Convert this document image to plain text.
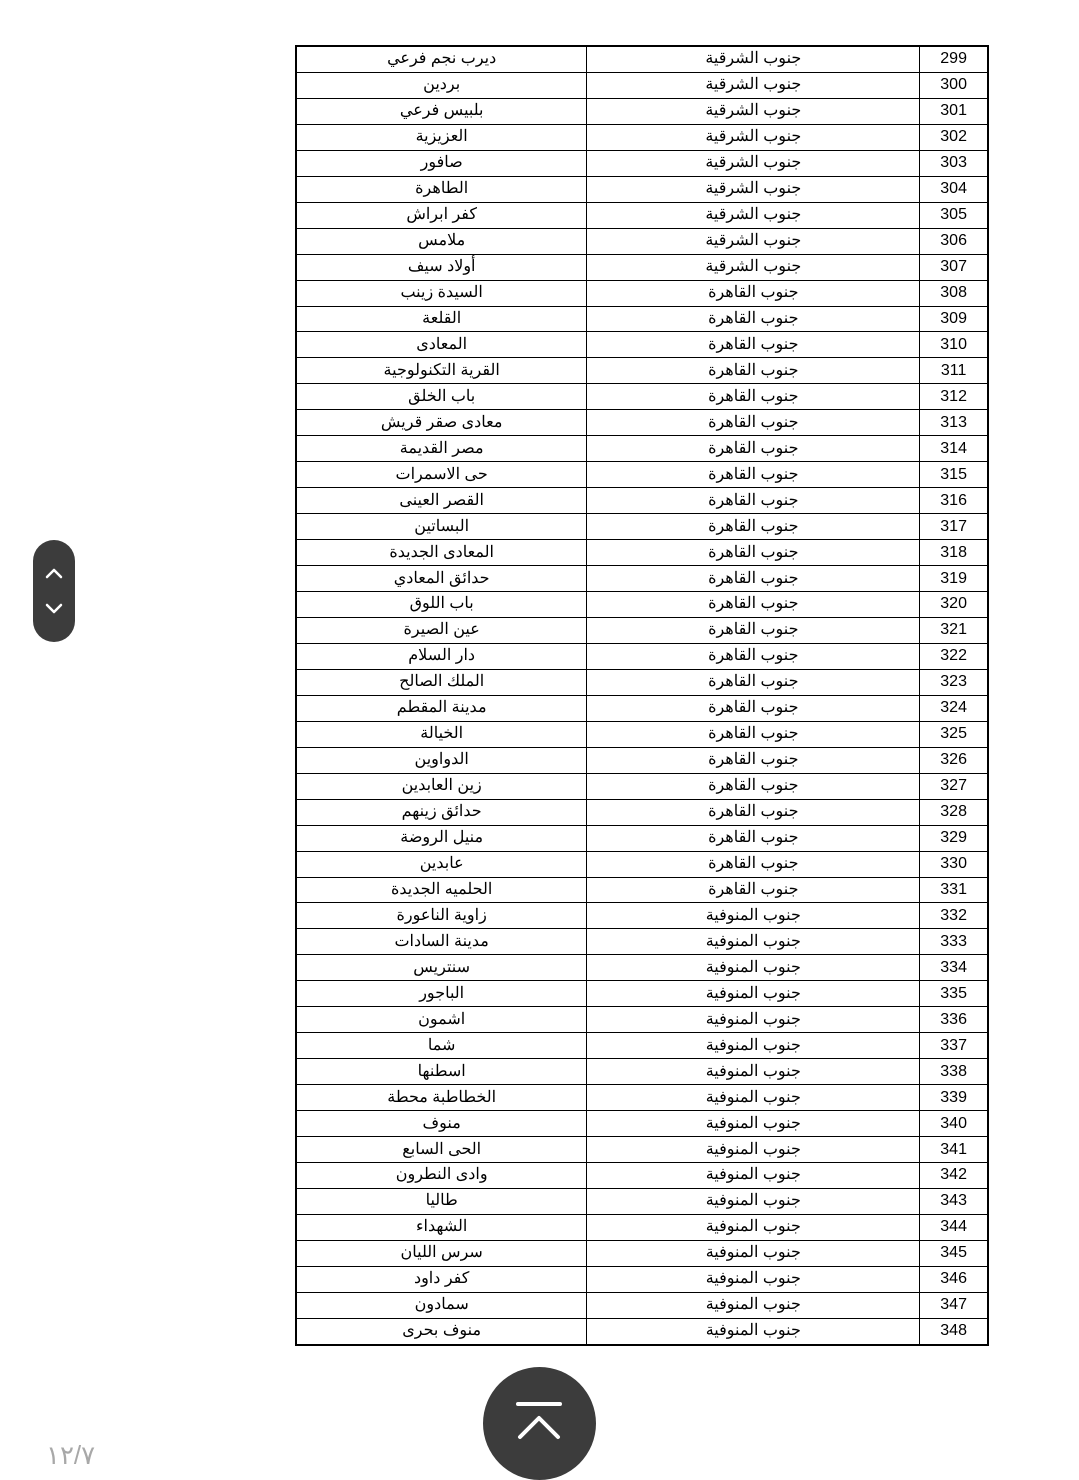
ديرب نجم فرعي	جنوب الشرقية	299
بردين	جنوب الشرقية	300
بلبيس فرعي	جنوب الشرقية	301
العزيزية	جنوب الشرقية	302
صافور	جنوب الشرقية	303
الطاهرة	جنوب الشرقية	304
كفر ابراش	جنوب الشرقية	305
ملامس	جنوب الشرقية	306
أولاد سيف	جنوب الشرقية	307
السيدة زينب	جنوب القاهرة	308
القلعة	جنوب القاهرة	309
المعادى	جنوب القاهرة	310
القرية التكنولوجية	جنوب القاهرة	311
باب الخلق	جنوب القاهرة	312
معادى صقر قريش	جنوب القاهرة	313
مصر القديمة	جنوب القاهرة	314
حى الاسمرات	جنوب القاهرة	315
القصر العينى	جنوب القاهرة	316
البساتين	جنوب القاهرة	317
المعادى الجديدة	جنوب القاهرة	318
حدائق المعادي	جنوب القاهرة	319
باب اللوق	جنوب القاهرة	320
عين الصيرة	جنوب القاهرة	321
دار السلام	جنوب القاهرة	322
الملك الصالح	جنوب القاهرة	323
مدينة المقطم	جنوب القاهرة	324
الخيالة	جنوب القاهرة	325
الدواوين	جنوب القاهرة	326
زين العابدين	جنوب القاهرة	327
حدائق زينهم	جنوب القاهرة	328
منيل الروضة	جنوب القاهرة	329
عابدين	جنوب القاهرة	330
الحلميه الجديدة	جنوب القاهرة	331
زاوية الناعورة	جنوب المنوفية	332
مدينة السادات	جنوب المنوفية	333
سنتريس	جنوب المنوفية	334
الباجور	جنوب المنوفية	335
اشمون	جنوب المنوفية	336
شما	جنوب المنوفية	337
اسطنها	جنوب المنوفية	338
الخطاطبة محطة	جنوب المنوفية	339
منوف	جنوب المنوفية	340
الحى السابع	جنوب المنوفية	341
وادى النطرون	جنوب المنوفية	342
طاليا	جنوب المنوفية	343
الشهداء	جنوب المنوفية	344
سرس الليان	جنوب المنوفية	345
كفر داود	جنوب المنوفية	346
سمادون	جنوب المنوفية	347
منوف بحرى	جنوب المنوفية	348
١٢/٧
